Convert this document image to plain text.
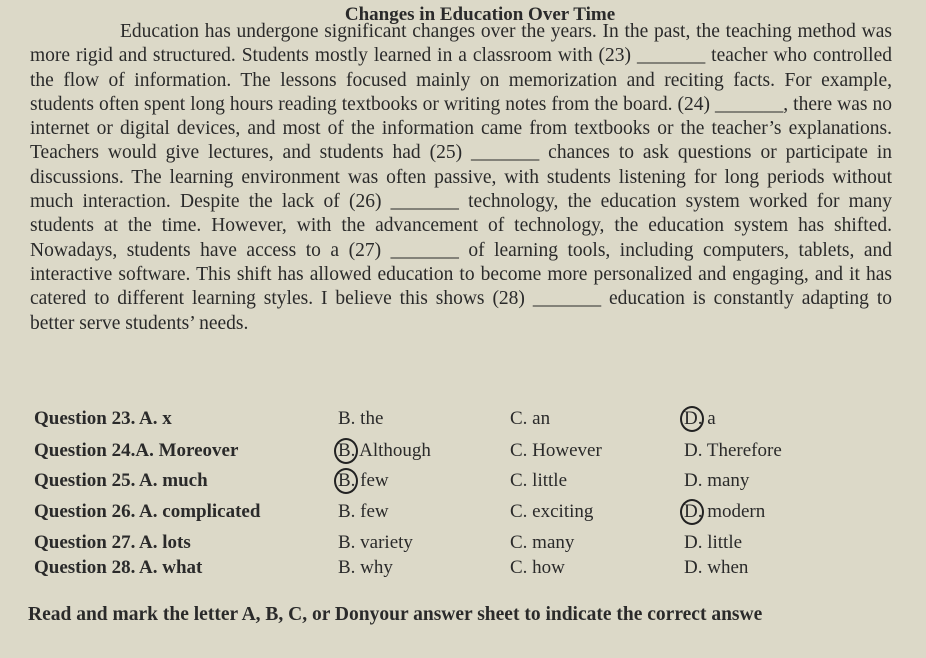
Changes in Education Over Time

Education has undergone significant changes over the years. In the past, the teaching method was more rigid and structured. Students mostly learned in a classroom with (23) _______ teacher who controlled the flow of information. The lessons focused mainly on memorization and reciting facts. For example, students often spent long hours reading textbooks or writing notes from the board. (24) _______, there was no internet or digital devices, and most of the information came from textbooks or the teacher’s explanations. Teachers would give lectures, and students had (25) _______ chances to ask questions or participate in discussions. The learning environment was often passive, with students listening for long periods without much interaction. Despite the lack of (26) _______ technology, the education system worked for many students at the time. However, with the advancement of technology, the education system has shifted. Nowadays, students have access to a (27) _______ of learning tools, including computers, tablets, and interactive software. This shift has allowed education to become more personalized and engaging, and it has catered to different learning styles. I believe this shows (28) _______ education is constantly adapting to better serve students’ needs.

Question 23. A. x	B. the	C. an	D. a
Question 24.A. Moreover	B. Although	C. However	D. Therefore
Question 25. A. much	B. few	C. little	D. many
Question 26. A. complicated	B. few	C. exciting	D. modern
Question 27. A. lots	B. variety	C. many	D. little
Question 28. A. what	B. why	C. how	D. when
Read and mark the letter A, B, C, or Donyour answer sheet to indicate the correct answe
